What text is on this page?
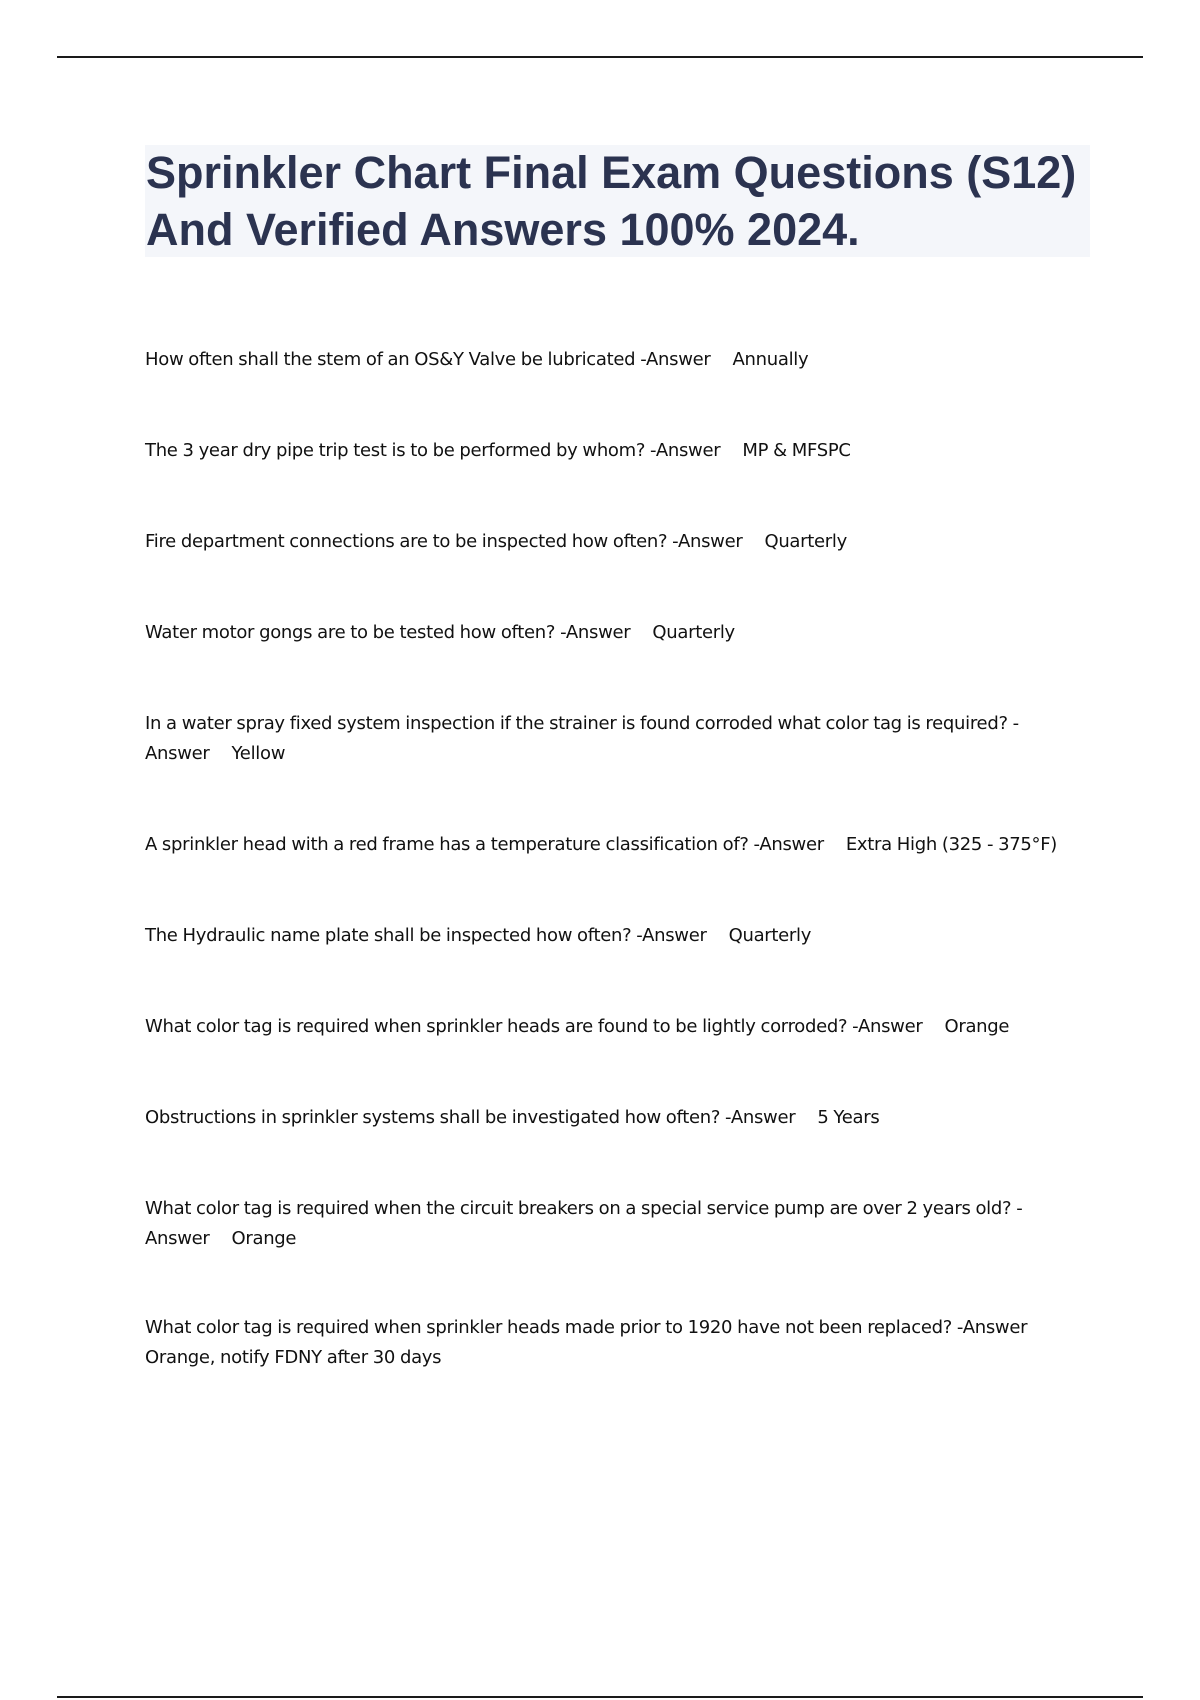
Sprinkler Chart Final Exam Questions (S12) And Verified Answers 100% 2024.
How often shall the stem of an OS&Y Valve be lubricated -Answer Annually
The 3 year dry pipe trip test is to be performed by whom? -Answer MP & MFSPC
Fire department connections are to be inspected how often? -Answer Quarterly
Water motor gongs are to be tested how often? -Answer Quarterly
In a water spray fixed system inspection if the strainer is found corroded what color tag is required? -Answer Yellow
A sprinkler head with a red frame has a temperature classification of? -Answer Extra High (325 - 375°F)
The Hydraulic name plate shall be inspected how often? -Answer Quarterly
What color tag is required when sprinkler heads are found to be lightly corroded? -Answer Orange
Obstructions in sprinkler systems shall be investigated how often? -Answer 5 Years
What color tag is required when the circuit breakers on a special service pump are over 2 years old? -Answer Orange
What color tag is required when sprinkler heads made prior to 1920 have not been replaced? -Answer Orange, notify FDNY after 30 days
